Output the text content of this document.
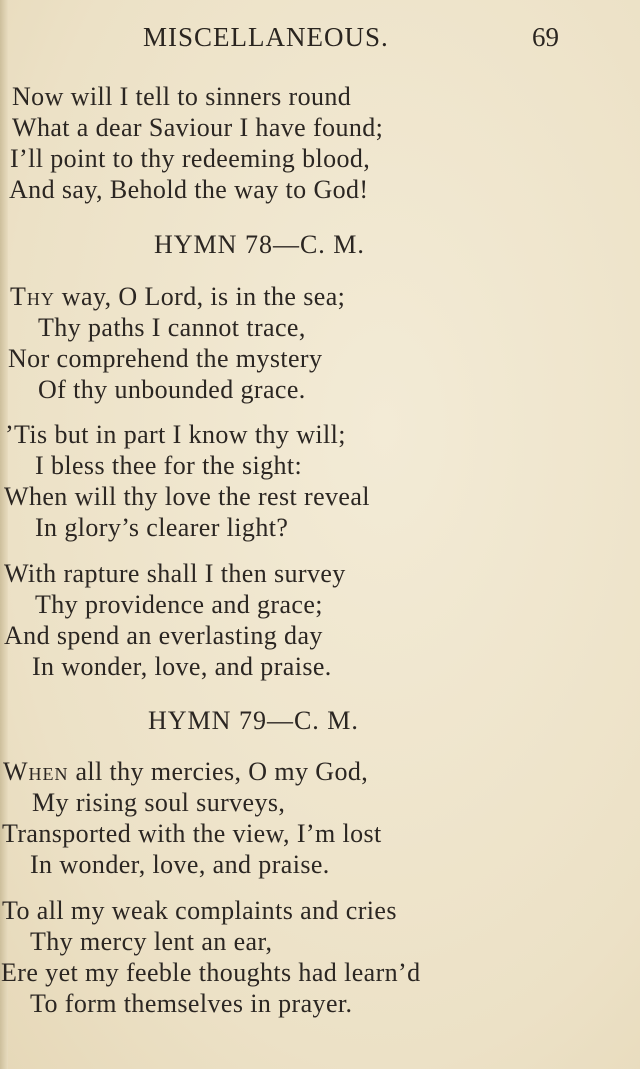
MISCELLANEOUS.	69
Now will I tell to sinners round
What a dear Saviour I have found;
I’ll point to thy redeeming blood,
And say, Behold the way to God!
HYMN 78—C. M.
Thy way, O Lord, is in the sea;
Thy paths I cannot trace,
Nor comprehend the mystery
Of thy unbounded grace.
’Tis but in part I know thy will;
I bless thee for the sight:
When will thy love the rest reveal
In glory’s clearer light?
With rapture shall I then survey
Thy providence and grace;
And spend an everlasting day
In wonder, love, and praise.
HYMN 79—C. M.
When all thy mercies, O my God,
My rising soul surveys,
Transported with the view, I’m lost
In wonder, love, and praise.
To all my weak complaints and cries
Thy mercy lent an ear,
Ere yet my feeble thoughts had learn’d
To form themselves in prayer.
